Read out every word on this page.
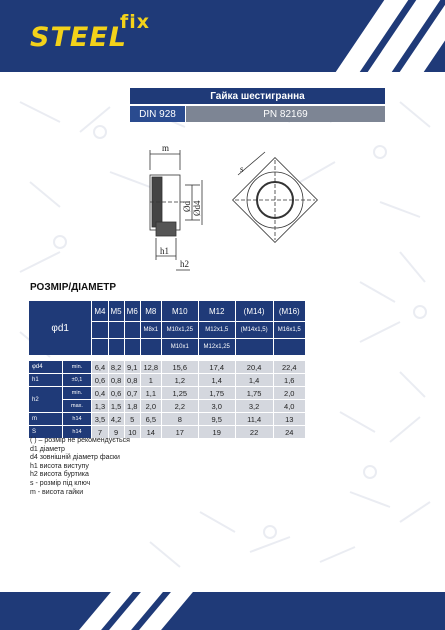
STEEL
fix
Гайка шестигранна
DIN 928	PN 82169
m
Ød Ød4
h1
h2
s
РОЗМІР/ДІАМЕТР
φd1		M4	M5	M6	M8	M10	M12	(M14)	(M16)
					M8x1	M10x1,25	M12x1,5	(M14x1,5)	M16x1,5
						M10x1	M12x1,25		

φd4	min.	6,4	8,2	9,1	12,8	15,6	17,4	20,4	22,4
h1	±0,1	0,6	0,8	0,8	1	1,2	1,4	1,4	1,6
h2	min.	0,4	0,6	0,7	1,1	1,25	1,75	1,75	2,0
	max.	1,3	1,5	1,8	2,0	2,2	3,0	3,2	4,0
m	h14	3,5	4,2	5	6,5	8	9,5	11,4	13
S	h14	7	9	10	14	17	19	22	24
( ) – розмір не рекомендується
d1 діаметр
d4 зовнішній діаметр фаски
h1 висота виступу
h2 висота буртика
s - розмір під ключ
m - висота гайки
